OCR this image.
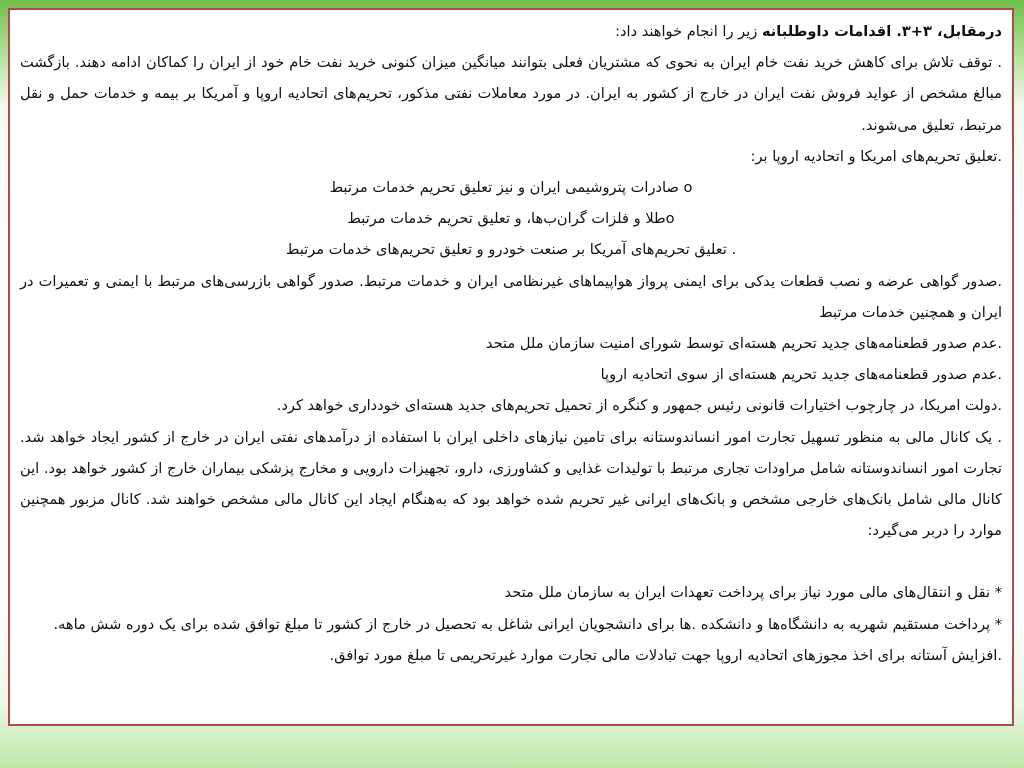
درمقابل، ۳+۳. اقدامات داوطلبانه زیر را انجام خواهند داد:

. توقف تلاش برای کاهش خرید نفت خام ایران به نحوی که مشتریان فعلی بتوانند میانگین میزان کنونی خرید نفت خام خود از ایران را کماکان ادامه دهند. بازگشت مبالغ مشخص از عواید فروش نفت ایران در خارج از کشور به ایران. در مورد معاملات نفتی مذکور، تحریم‌های اتحادیه اروپا و آمریکا بر بیمه و خدمات حمل و نقل مرتبط، تعلیق می‌شوند.

.تعلیق تحریم‌های امریکا و اتحادیه اروپا بر:

o صادرات پتروشیمی ایران و نیز تعلیق تحریم خدمات مرتبط

oطلا و فلزات گران‌ب‌ها، و تعلیق تحریم خدمات مرتبط

. تعلیق تحریم‌های آمریکا بر صنعت خودرو و تعلیق تحریم‌های خدمات مرتبط

.صدور گواهی عرضه و نصب قطعات یدکی برای ایمنی پرواز هواپیماهای غیرنظامی ایران و خدمات مرتبط. صدور گواهی بازرسی‌های مرتبط با ایمنی و تعمیرات در ایران و همچنین خدمات مرتبط

.عدم صدور قطعنامه‌های جدید تحریم هسته‌ای توسط شورای امنیت سازمان ملل متحد

.عدم صدور قطعنامه‌های جدید تحریم هسته‌ای از سوی اتحادیه اروپا

.دولت امریکا، در چارچوب اختیارات قانونی رئیس جمهور و کنگره از تحمیل تحریم‌های جدید هسته‌ای خودداری خواهد کرد.

. یک کانال مالی به منظور تسهیل تجارت امور انساندوستانه برای تامین نیازهای داخلی ایران با استفاده از درآمدهای نفتی ایران در خارج از کشور ایجاد خواهد شد. تجارت امور انساندوستانه شامل مراودات تجاری مرتبط با تولیدات غذایی و کشاورزی، دارو، تجهیزات دارویی و مخارج پزشکی بیماران خارج از کشور خواهد بود. این کانال مالی شامل بانک‌های خارجی مشخص و بانک‌های ایرانی غیر تحریم شده خواهد بود که به‌هنگام ایجاد این کانال مالی مشخص خواهند شد. کانال مزبور همچنین موارد را دربر می‌گیرد:

* نقل و انتقال‌های مالی مورد نیاز برای پرداخت تعهدات ایران به سازمان ملل متحد

* پرداخت مستقیم شهریه به دانشگاه‌ها و دانشکده .ها برای دانشجویان ایرانی شاغل به تحصیل در خارج از کشور تا مبلغ توافق شده برای یک دوره شش ماهه.

.افزایش آستانه برای اخذ مجوزهای اتحادیه اروپا جهت تبادلات مالی تجارت موارد غیرتحریمی تا مبلغ مورد توافق.
